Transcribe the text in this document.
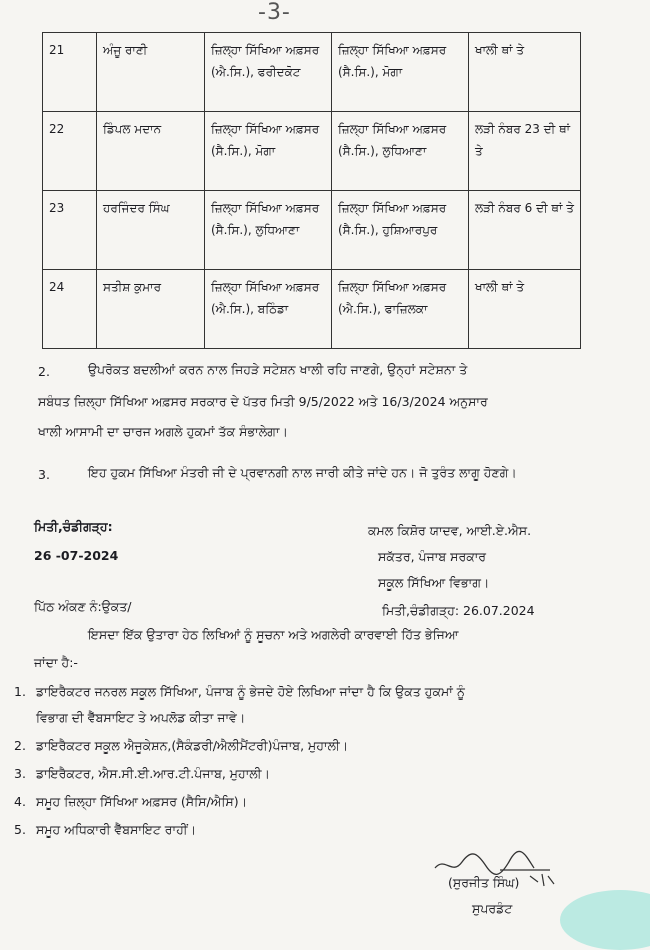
-3-
21	ਅੰਜੂ ਰਾਣੀ	ਜ਼ਿਲ੍ਹਾ ਸਿੱਖਿਆ ਅਫ਼ਸਰ (ਐ.ਸਿ.), ਫਰੀਦਕੋਟ	ਜ਼ਿਲ੍ਹਾ ਸਿੱਖਿਆ ਅਫ਼ਸਰ (ਸੈ.ਸਿ.), ਮੋਗਾ	ਖਾਲੀ ਥਾਂ ਤੇ
22	ਡਿੰਪਲ ਮਦਾਨ	ਜ਼ਿਲ੍ਹਾ ਸਿੱਖਿਆ ਅਫ਼ਸਰ (ਸੈ.ਸਿ.), ਮੋਗਾ	ਜ਼ਿਲ੍ਹਾ ਸਿੱਖਿਆ ਅਫ਼ਸਰ (ਸੈ.ਸਿ.), ਲੁਧਿਆਣਾ	ਲੜੀ ਨੰਬਰ 23 ਦੀ ਥਾਂ ਤੇ
23	ਹਰਜਿੰਦਰ ਸਿੰਘ	ਜ਼ਿਲ੍ਹਾ ਸਿੱਖਿਆ ਅਫ਼ਸਰ (ਸੈ.ਸਿ.), ਲੁਧਿਆਣਾ	ਜ਼ਿਲ੍ਹਾ ਸਿੱਖਿਆ ਅਫ਼ਸਰ (ਸੈ.ਸਿ.), ਹੁਸ਼ਿਆਰਪੁਰ	ਲੜੀ ਨੰਬਰ 6 ਦੀ ਥਾਂ ਤੇ
24	ਸਤੀਸ਼ ਕੁਮਾਰ	ਜ਼ਿਲ੍ਹਾ ਸਿੱਖਿਆ ਅਫ਼ਸਰ (ਐ.ਸਿ.), ਬਠਿੰਡਾ	ਜ਼ਿਲ੍ਹਾ ਸਿੱਖਿਆ ਅਫ਼ਸਰ (ਐ.ਸਿ.), ਫਾਜ਼ਿਲਕਾ	ਖਾਲੀ ਥਾਂ ਤੇ
2.	ਉਪਰੋਕਤ ਬਦਲੀਆਂ ਕਰਨ ਨਾਲ ਜਿਹੜੇ ਸਟੇਸ਼ਨ ਖਾਲੀ ਰਹਿ ਜਾਣਗੇ, ਉਨ੍ਹਾਂ ਸਟੇਸ਼ਨਾ ਤੇ
ਸਬੰਧਤ ਜ਼ਿਲ੍ਹਾ ਸਿੱਖਿਆ ਅਫ਼ਸਰ ਸਰਕਾਰ ਦੇ ਪੱਤਰ ਮਿਤੀ 9/5/2022 ਅਤੇ 16/3/2024 ਅਨੁਸਾਰ
ਖਾਲੀ ਆਸਾਮੀ ਦਾ ਚਾਰਜ ਅਗਲੇ ਹੁਕਮਾਂ ਤੱਕ ਸੰਭਾਲੇਗਾ।
3.	ਇਹ ਹੁਕਮ ਸਿੱਖਿਆ ਮੰਤਰੀ ਜੀ ਦੇ ਪ੍ਰਵਾਨਗੀ ਨਾਲ ਜਾਰੀ ਕੀਤੇ ਜਾਂਦੇ ਹਨ। ਜੋ ਤੁਰੰਤ ਲਾਗੂ ਹੋਣਗੇ।
ਮਿਤੀ,ਚੰਡੀਗੜ੍ਹ:
26 -07-2024
ਕਮਲ ਕਿਸ਼ੋਰ ਯਾਦਵ, ਆਈ.ਏ.ਐਸ.
ਸਕੱਤਰ, ਪੰਜਾਬ ਸਰਕਾਰ
ਸਕੂਲ ਸਿੱਖਿਆ ਵਿਭਾਗ।
ਪਿੱਠ ਅੰਕਣ ਨੰ:ਉਕਤ/	ਮਿਤੀ,ਚੰਡੀਗੜ੍ਹ: 26.07.2024
ਇਸਦਾ ਇੱਕ ਉਤਾਰਾ ਹੇਠ ਲਿਖਿਆਂ ਨੂੰ ਸੂਚਨਾ ਅਤੇ ਅਗਲੇਰੀ ਕਾਰਵਾਈ ਹਿੱਤ ਭੇਜਿਆ
ਜਾਂਦਾ ਹੈ:-
1. ਡਾਇਰੈਕਟਰ ਜਨਰਲ ਸਕੂਲ ਸਿੱਖਿਆ, ਪੰਜਾਬ ਨੂੰ ਭੇਜਦੇ ਹੋਏ ਲਿਖਿਆ ਜਾਂਦਾ ਹੈ ਕਿ ਉਕਤ ਹੁਕਮਾਂ ਨੂੰ
ਵਿਭਾਗ ਦੀ ਵੈੱਬਸਾਇਟ ਤੇ ਅਪਲੋਡ ਕੀਤਾ ਜਾਵੇ।
2. ਡਾਇਰੈਕਟਰ ਸਕੂਲ ਐਜੂਕੇਸ਼ਨ,(ਸੈਕੰਡਰੀ/ਐਲੀਮੈਂਟਰੀ)ਪੰਜਾਬ, ਮੁਹਾਲੀ।
3. ਡਾਇਰੈਕਟਰ, ਐਸ.ਸੀ.ਈ.ਆਰ.ਟੀ.ਪੰਜਾਬ, ਮੁਹਾਲੀ।
4. ਸਮੂਹ ਜ਼ਿਲ੍ਹਾ ਸਿੱਖਿਆ ਅਫ਼ਸਰ (ਸੈਸਿ/ਐਸਿ)।
5. ਸਮੂਹ ਅਧਿਕਾਰੀ ਵੈੱਬਸਾਇਟ ਰਾਹੀਂ।
(ਸੁਰਜੀਤ ਸਿੰਘ)
ਸੁਪਰਡੰਟ
